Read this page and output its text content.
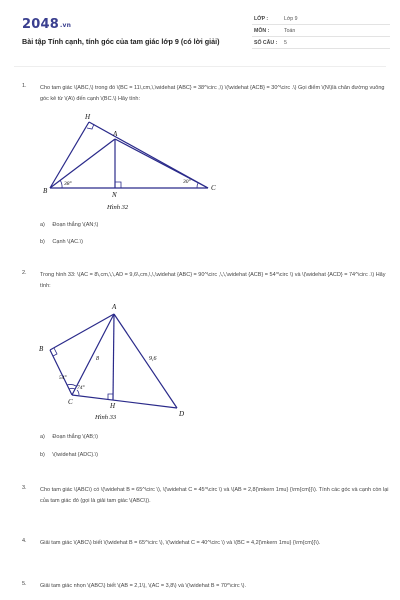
2048.vn
Bài tập Tính cạnh, tính góc của tam giác lớp 9 (có lời giải)
LỚP :	Lớp 9
MÔN :	Toán
SỐ CÂU : 5
1. Cho tam giác \(ABC,\) trong đó \(BC = 11\,cm,\,\widehat {ABC} = 38^\circ ,\) \(\widehat {ACB} = 30^\circ .\) Gọi điểm \(N\)là chân đường vuông góc kẻ từ \(A\) đến cạnh \(BC.\) Hãy tính:
H
A
B	N
C
38°	30°
Hình 32
a) Đoạn thẳng \(AN;\)
b) Cạnh \(AC.\)
2. Trong hình 33: \(AC = 8\,cm,\,\,AD = 9,6\,cm,\,\,\widehat {ABC} = 90^\circ ,\,\,\widehat {ACB} = 54^\circ \) và \(\widehat {ACD} = 74^\circ .\) Hãy tính:
A
B
C	H
D
8	9,6
54°
74°
Hình 33
a) Đoạn thẳng \(AB;\)
b) \(\widehat {ADC}.\)
3. Cho tam giác \(ABC\) có \(\widehat B = 65^\circ \), \(\widehat C = 45^\circ \) và \(AB = 2,8{\mkern 1mu} {\rm{cm}}\). Tính các góc và cạnh còn lại của tam giác đó (gọi là giải tam giác \(ABC\)).
4. Giải tam giác \(ABC\) biết \(\widehat B = 65^\circ \), \(\widehat C = 40^\circ \) và \(BC = 4,2{\mkern 1mu} {\rm{cm}}\).
5. Giải tam giác nhọn \(ABC\) biết \(AB = 2,1\), \(AC = 3,8\) và \(\widehat B = 70^\circ \).
